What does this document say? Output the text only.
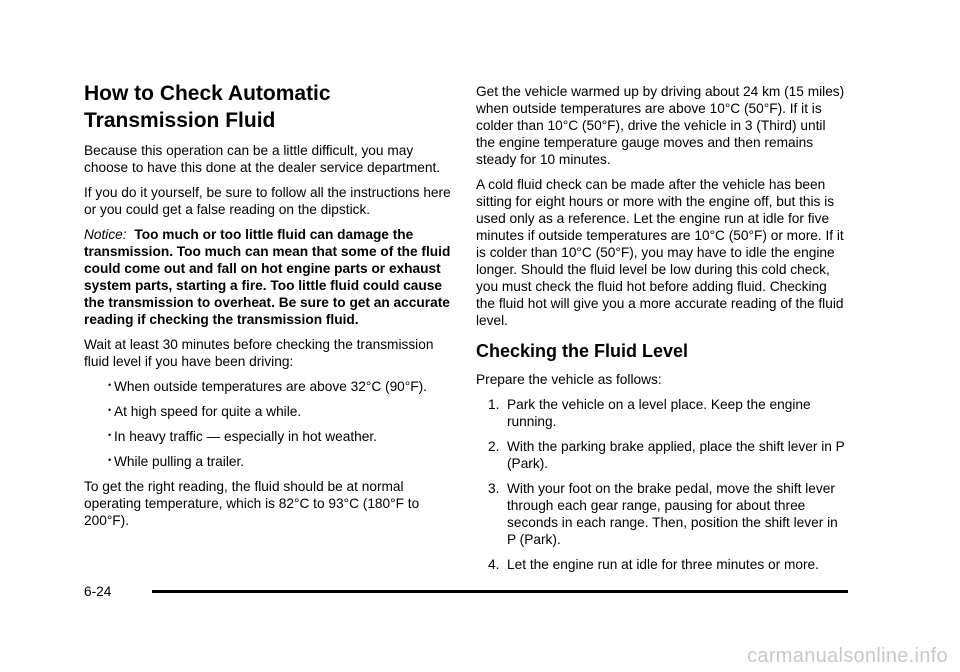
How to Check Automatic Transmission Fluid

Because this operation can be a little difficult, you may choose to have this done at the dealer service department.

If you do it yourself, be sure to follow all the instructions here or you could get a false reading on the dipstick.

Notice: Too much or too little fluid can damage the transmission. Too much can mean that some of the fluid could come out and fall on hot engine parts or exhaust system parts, starting a fire. Too little fluid could cause the transmission to overheat. Be sure to get an accurate reading if checking the transmission fluid.

Wait at least 30 minutes before checking the transmission fluid level if you have been driving:

• When outside temperatures are above 32°C (90°F).
• At high speed for quite a while.
• In heavy traffic — especially in hot weather.
• While pulling a trailer.

To get the right reading, the fluid should be at normal operating temperature, which is 82°C to 93°C (180°F to 200°F).

Get the vehicle warmed up by driving about 24 km (15 miles) when outside temperatures are above 10°C (50°F). If it is colder than 10°C (50°F), drive the vehicle in 3 (Third) until the engine temperature gauge moves and then remains steady for 10 minutes.

A cold fluid check can be made after the vehicle has been sitting for eight hours or more with the engine off, but this is used only as a reference. Let the engine run at idle for five minutes if outside temperatures are 10°C (50°F) or more. If it is colder than 10°C (50°F), you may have to idle the engine longer. Should the fluid level be low during this cold check, you must check the fluid hot before adding fluid. Checking the fluid hot will give you a more accurate reading of the fluid level.

Checking the Fluid Level

Prepare the vehicle as follows:

1. Park the vehicle on a level place. Keep the engine running.
2. With the parking brake applied, place the shift lever in P (Park).
3. With your foot on the brake pedal, move the shift lever through each gear range, pausing for about three seconds in each range. Then, position the shift lever in P (Park).
4. Let the engine run at idle for three minutes or more.
6-24
carmanualsonline.info
